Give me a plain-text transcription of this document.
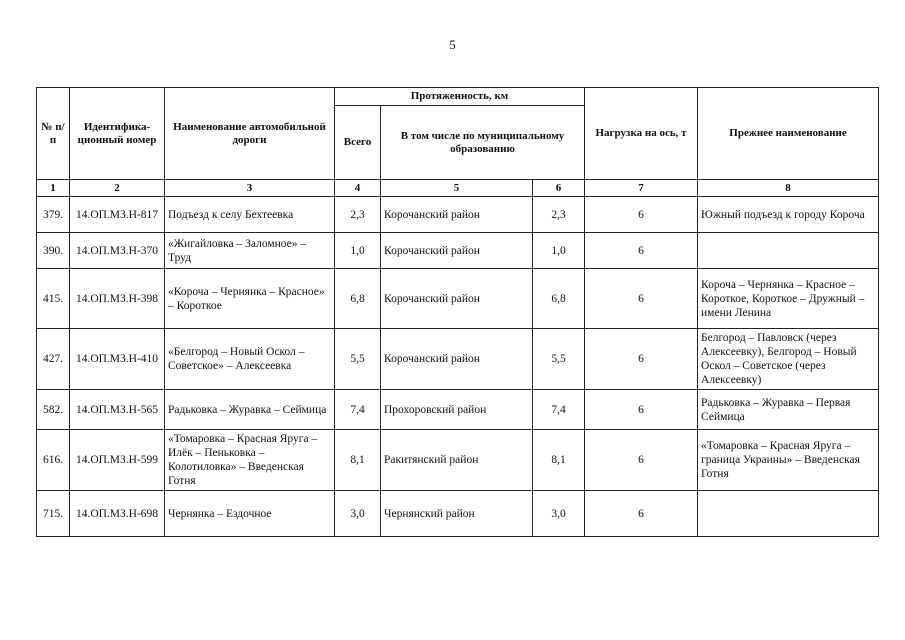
5
№ п/п	Идентифика-ционный номер	Наименование автомобильной дороги	Протяженность, км			Нагрузка на ось, т	Прежнее наименование
			Всего	В том числе по муниципальному образованию			
1	2	3	4	5	6	7	8
379.	14.ОП.МЗ.Н-817	Подъезд к селу Бехтеевка	2,3	Корочанский район	2,3	6	Южный подъезд к городу Короча
390.	14.ОП.МЗ.Н-370	«Жигайловка – Заломное» – Труд	1,0	Корочанский район	1,0	6	
415.	14.ОП.МЗ.Н-398	«Короча – Чернянка – Красное» – Короткое	6,8	Корочанский район	6,8	6	Короча – Чернянка – Красное – Короткое, Короткое – Дружный – имени Ленина
427.	14.ОП.МЗ.Н-410	«Белгород – Новый Оскол – Советское» – Алексеевка	5,5	Корочанский район	5,5	6	Белгород – Павловск (через Алексеевку), Белгород – Новый Оскол – Советское (через Алексеевку)
582.	14.ОП.МЗ.Н-565	Радьковка – Журавка – Сеймица	7,4	Прохоровский район	7,4	6	Радьковка – Журавка – Первая Сеймица
616.	14.ОП.МЗ.Н-599	«Томаровка – Красная Яруга – Илёк – Пеньковка – Колотиловка» – Введенская Готня	8,1	Ракитянский район	8,1	6	«Томаровка – Красная Яруга – граница Украины» – Введенская Готня
715.	14.ОП.МЗ.Н-698	Чернянка – Ездочное	3,0	Чернянский район	3,0	6	
